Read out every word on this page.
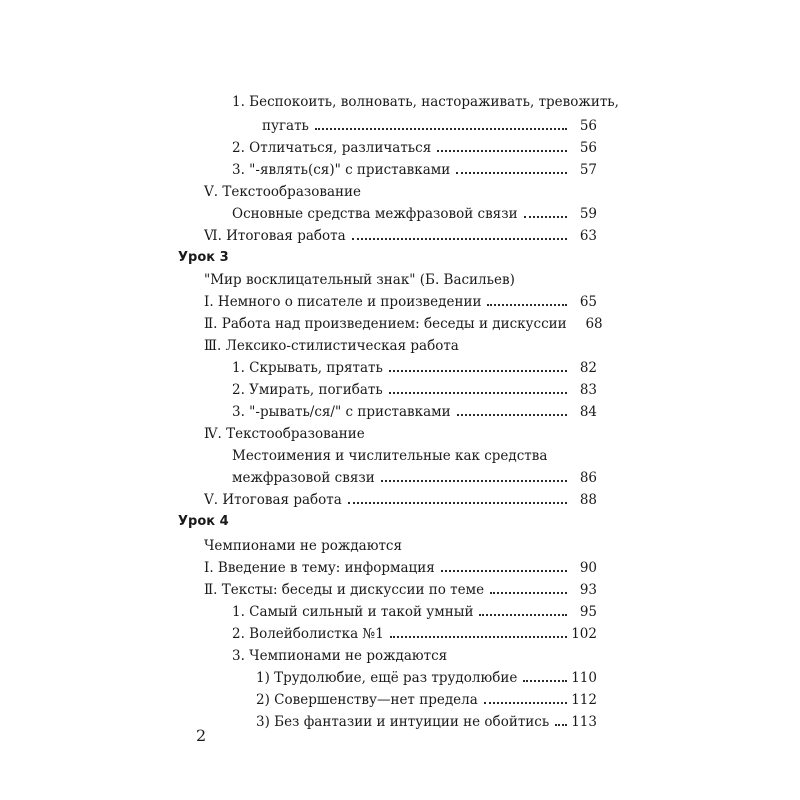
1. Беспокоить, волновать, настораживать, тревожить,
пугать	56
2. Отличаться, различаться	56
3. "-являть(ся)" с приставками	57
Ⅴ. Текстообразование
Основные средства межфразовой связи	59
Ⅵ. Итоговая работа	63
Урок 3
"Мир восклицательный знак" (Б. Васильев)
Ⅰ. Немного о писателе и произведении	65
Ⅱ. Работа над произведением: беседы и дискуссии	68
Ⅲ. Лексико-стилистическая работа
1. Скрывать, прятать	82
2. Умирать, погибать	83
3. "-рывать/ся/" с приставками	84
Ⅳ. Текстообразование
Местоимения и числительные как средства
межфразовой связи	86
Ⅴ. Итоговая работа	88
Урок 4
Чемпионами не рождаются
Ⅰ. Введение в тему: информация	90
Ⅱ. Тексты: беседы и дискуссии по теме	93
1. Самый сильный и такой умный	95
2. Волейболистка №1	102
3. Чемпионами не рождаются
1) Трудолюбие, ещё раз трудолюбие	110
2) Совершенству—нет предела	112
3) Без фантазии и интуиции не обойтись	113
2
